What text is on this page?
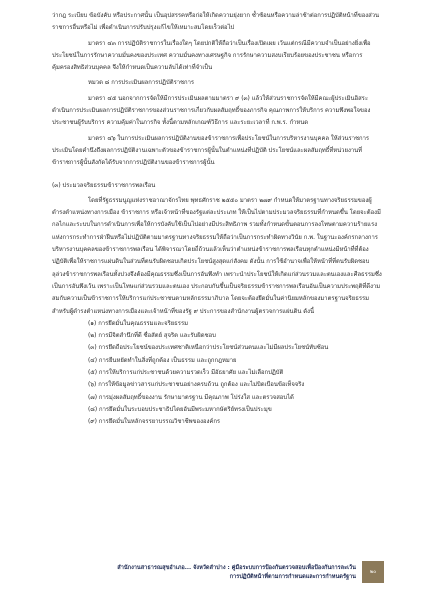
ว่ากฎ ระเบียบ ข้อบังคับ หรือประกาศนั้น เป็นอุปสรรคหรือก่อให้เกิดความยุ่งยาก ซ้ำซ้อนหรือความล่าช้าต่อการปฏิบัติหน้าที่ของส่วนราชการอื่นหรือไม่ เพื่อดำเนินการปรับปรุงแก้ไขให้เหมาะสมโดยเร็วต่อไป

มาตรา ๔๓ การปฏิบัติราชการในเรื่องใดๆ โดยปกติให้ถือว่าเป็นเรื่องเปิดเผย เว้นแต่กรณีมีความจำเป็นอย่างยิ่งเพื่อประโยชน์ในการรักษาความมั่นคงของประเทศ ความมั่นคงทางเศรษฐกิจ การรักษาความสงบเรียบร้อยของประชาชน หรือการคุ้มครองสิทธิส่วนบุคคล จึงให้กำหนดเป็นความลับได้เท่าที่จำเป็น

หมวด ๘ การประเมินผลการปฏิบัติราชการ

มาตรา ๔๕ นอกจากการจัดให้มีการประเมินผลตามมาตรา ๙ (๓) แล้วให้ส่วนราชการจัดให้มีคณะผู้ประเมินอิสระดำเนินการประเมินผลการปฏิบัติราชการของส่วนราชการเกี่ยวกับผลสัมฤทธิ์ของภารกิจ คุณภาพการให้บริการ ความพึงพอใจของประชาชนผู้รับบริการ ความคุ้มค่าในภารกิจ ทั้งนี้ตามหลักเกณฑ์วิธีการ และระยะเวลาที่ ก.พ.ร. กำหนด

มาตรา ๔๖ ในการประเมินผลการปฏิบัติงานของข้าราชการเพื่อประโยชน์ในการบริหารงานบุคคล ให้ส่วนราชการประเมินโดยคำนึงถึงผลการปฏิบัติงานเฉพาะตัวของข้าราชการผู้นั้นในตำแหน่งที่ปฏิบัติ ประโยชน์และผลสัมฤทธิ์ที่หน่วยงานที่ข้าราชการผู้นั้นสังกัดได้รับจากการปฏิบัติงานของข้าราชการผู้นั้น

(๓) ประมวลจริยธรรมข้าราชการพลเรือน

โดยที่รัฐธรรมนูญแห่งราชอาณาจักรไทย พุทธศักราช ๒๕๕๐ มาตรา ๒๗๙ กำหนดให้มาตรฐานทางจริยธรรมของผู้ดำรงตำแหน่งทางการเมือง ข้าราชการ หรือเจ้าหน้าที่ของรัฐแต่ละประเภท ให้เป็นไปตามประมวลจริยธรรมที่กำหนดขึ้น โดยจะต้องมีกลไกและระบบในการดำเนินการเพื่อให้การบังคับใช้เป็นไปอย่างมีประสิทธิภาพ รวมทั้งกำหนดขั้นตอนการลงโทษตามความร้ายแรง แห่งการกระทำการฝ่าฝืนหรือไม่ปฏิบัติตามมาตรฐานทางจริยธรรมให้ถือว่าเป็นการกระทำผิดทางวินัย ก.พ. ในฐานะองค์กรกลางการบริหารงานบุคคลของข้าราชการพลเรือน ได้พิจารณาโดยถี่ถ้วนแล้วเห็นว่าตำแหน่งข้าราชการพลเรือนทุกตำแหน่งมีหน้าที่ที่ต้องปฏิบัติเพื่อให้ราชการแผ่นดินในส่วนที่ตนรับผิดชอบเกิดประโยชน์สูงสุดแก่สังคม ดังนั้น การใช้อำนาจเพื่อให้หน้าที่ที่ตนรับผิดชอบลุล่วงข้าราชการพลเรือนทั้งปวงจึงต้องมีคุณธรรมซึ่งเป็นการอันพึงทำ เพราะนำประโยชน์ให้เกิดแก่ส่วนรวมและตนเองและศีลธรรมซึ่งเป็นการอันพึงเว้น เพราะเป็นโทษแก่ส่วนรวมและตนเอง ประกอบกันขึ้นเป็นจริยธรรมข้าราชการพลเรือนอันเป็นความประพฤติที่ดีงามสมกับความเป็นข้าราชการให้บริการแก่ประชาชนตามหลักธรรมาภิบาล โดยจะต้องยึดมั่นในค่านิยมหลักของมาตรฐานจริยธรรมสำหรับผู้ดำรงตำแหน่งทางการเมืองและเจ้าหน้าที่ของรัฐ ๙ ประการของสำนักงานผู้ตรวจการแผ่นดิน ดังนี้

(๑) การยึดมั่นในคุณธรรมและจริยธรรม
(๒) การมีจิตสำนึกที่ดี ซื่อสัตย์ สุจริต และรับผิดชอบ
(๓) การยึดถือประโยชน์ของประเทศชาติเหนือกว่าประโยชน์ส่วนตนและไม่มีผลประโยชน์ทับซ้อน
(๔) การยืนหยัดทำในสิ่งที่ถูกต้อง เป็นธรรม และถูกกฎหมาย
(๕) การให้บริการแก่ประชาชนด้วยความรวดเร็ว มีอัธยาศัย และไม่เลือกปฏิบัติ
(๖) การให้ข้อมูลข่าวสารแก่ประชาชนอย่างครบถ้วน ถูกต้อง และไม่บิดเบือนข้อเท็จจริง
(๗) การมุ่งผลสัมฤทธิ์ของงาน รักษามาตรฐาน มีคุณภาพ โปร่งใส และตรวจสอบได้
(๘) การยึดมั่นในระบอบประชาธิปไตยอันมีพระมหากษัตริย์ทรงเป็นประมุข
(๙) การยึดมั่นในหลักจรรยาบรรณวิชาชีพขององค์กร
สำนักงานสาธารณสุขอำเภอ... จังหวัดลำปาง : คู่มือระบบการป้องกันตรวจสอบเพื่อป้องกันการละเว้น
การปฏิบัติหน้าที่ตามการกำหนดและการกำหนดรัฐาน
๒๐
